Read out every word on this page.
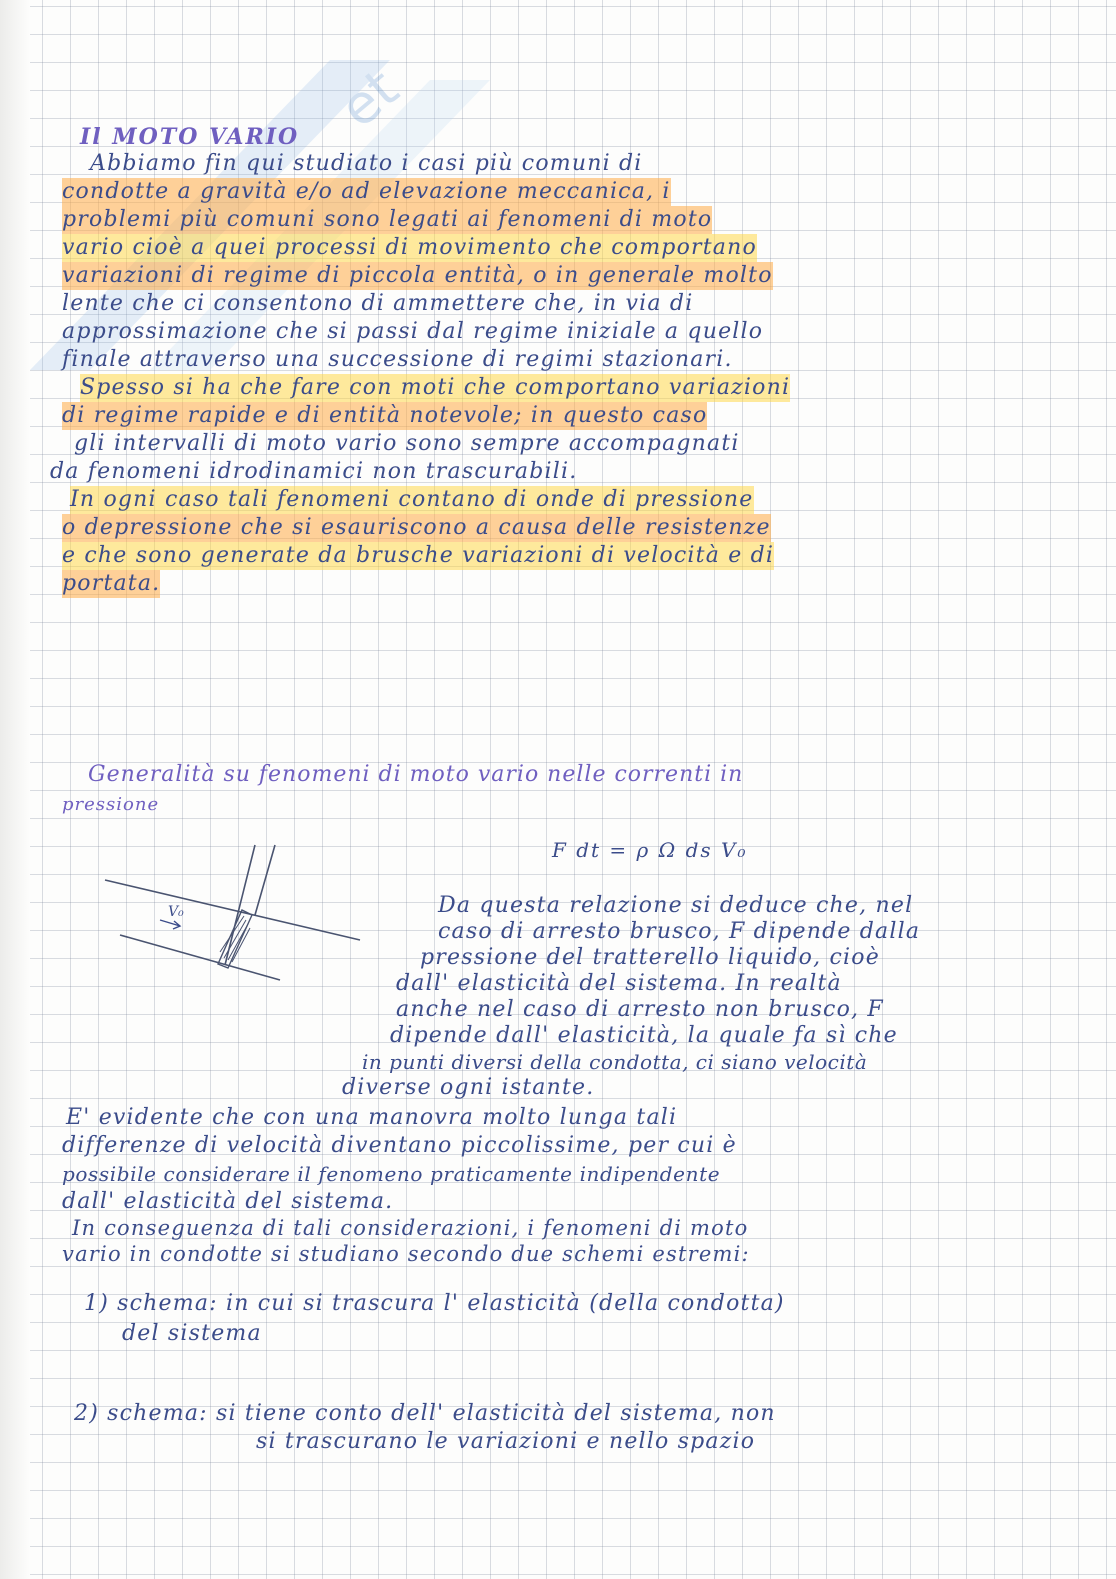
et
Il MOTO VARIO

Abbiamo fin qui studiato i casi più comuni di

condotte a gravità e/o ad elevazione meccanica, i

problemi più comuni sono legati ai fenomeni di moto

vario cioè a quei processi di movimento che comportano

variazioni di regime di piccola entità, o in generale molto

lente che ci consentono di ammettere che, in via di

approssimazione che si passi dal regime iniziale a quello

finale attraverso una successione di regimi stazionari.

Spesso si ha che fare con moti che comportano variazioni

di regime rapide e di entità notevole; in questo caso

gli intervalli di moto vario sono sempre accompagnati

da fenomeni idrodinamici non trascurabili.

In ogni caso tali fenomeni contano di onde di pressione

o depressione che si esauriscono a causa delle resistenze

e che sono generate da brusche variazioni di velocità e di

portata.

Generalità su fenomeni di moto vario nelle correnti in
pressione
F dt = ρ Ω ds V₀
V₀	Da questa relazione si deduce che, nel

caso di arresto brusco, F dipende dalla

pressione del tratterello liquido, cioè

dall' elasticità del sistema. In realtà

anche nel caso di arresto non brusco, F

dipende dall' elasticità, la quale fa sì che

in punti diversi della condotta, ci siano velocità

diverse ogni istante.

E' evidente che con una manovra molto lunga tali

differenze di velocità diventano piccolissime, per cui è

possibile considerare il fenomeno praticamente indipendente

dall' elasticità del sistema.

In conseguenza di tali considerazioni, i fenomeni di moto

vario in condotte si studiano secondo due schemi estremi:

1) schema: in cui si trascura l' elasticità (della condotta)

del sistema

2) schema: si tiene conto dell' elasticità del sistema, non

si trascurano le variazioni e nello spazio
